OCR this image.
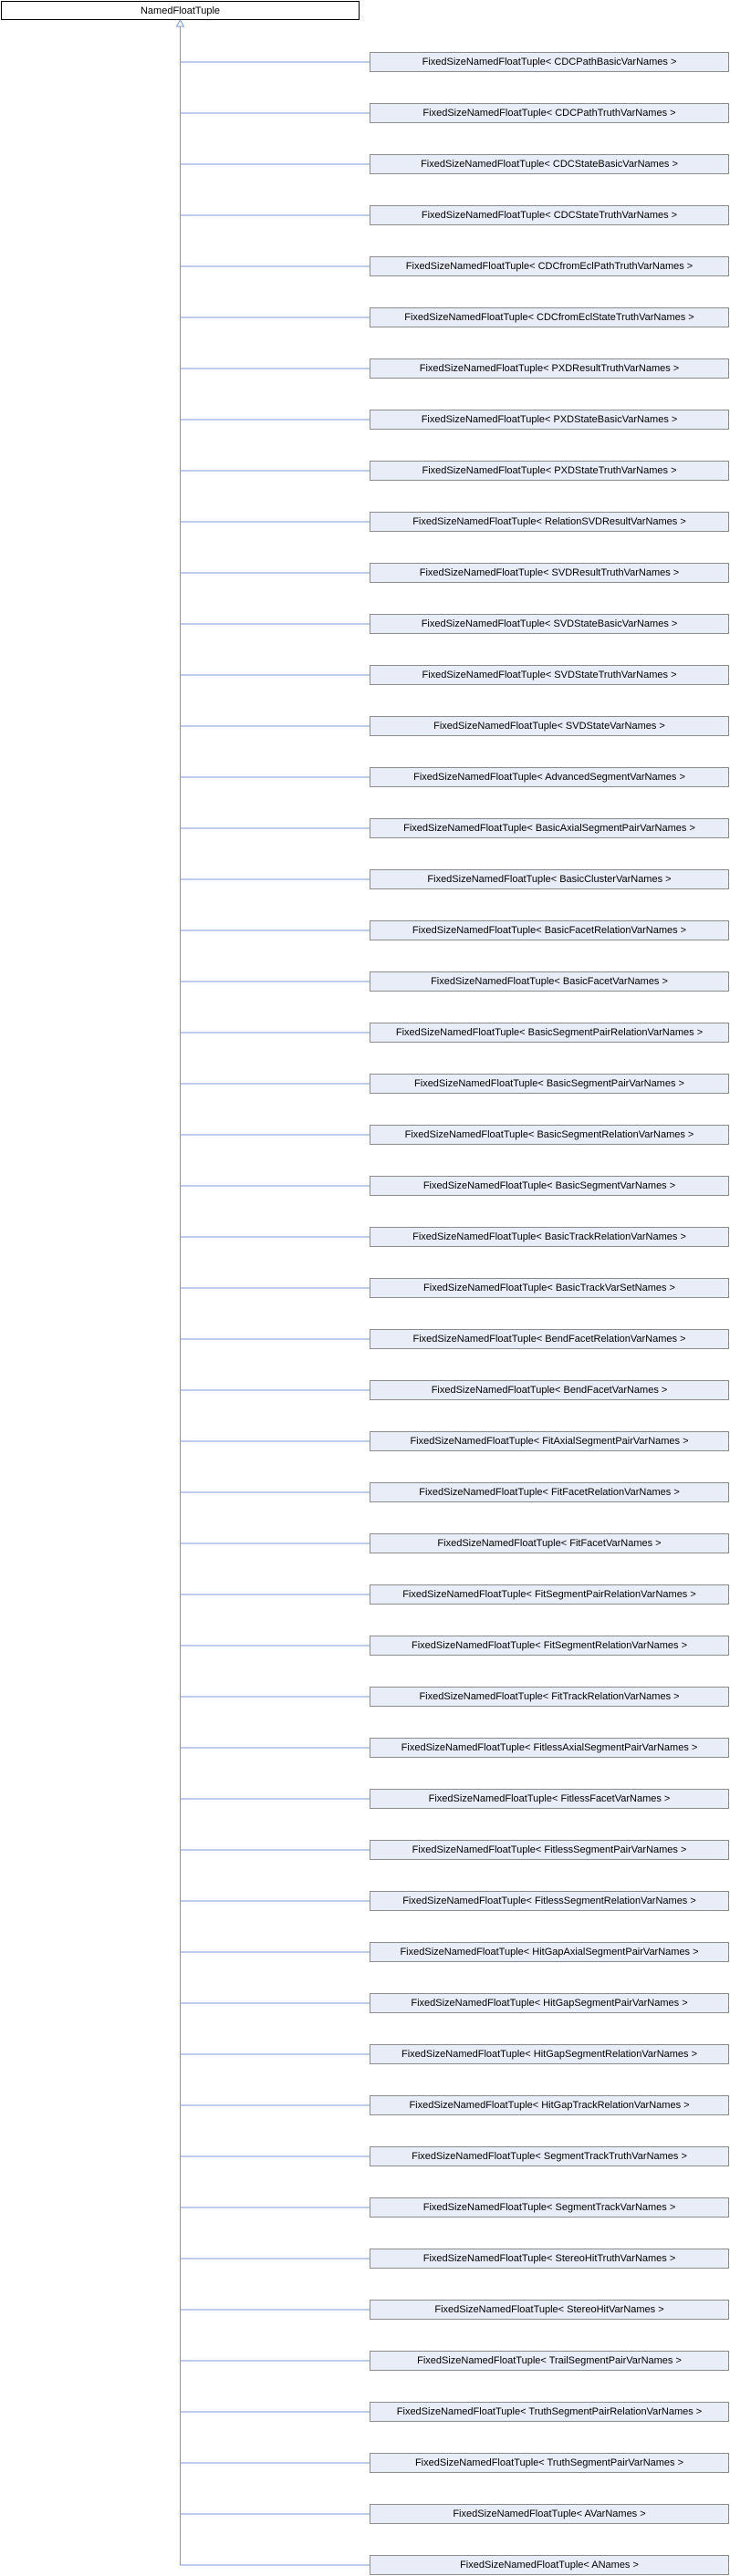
NamedFloatTuple
FixedSizeNamedFloatTuple< CDCPathBasicVarNames >
FixedSizeNamedFloatTuple< CDCPathTruthVarNames >
FixedSizeNamedFloatTuple< CDCStateBasicVarNames >
FixedSizeNamedFloatTuple< CDCStateTruthVarNames >
FixedSizeNamedFloatTuple< CDCfromEclPathTruthVarNames >
FixedSizeNamedFloatTuple< CDCfromEclStateTruthVarNames >
FixedSizeNamedFloatTuple< PXDResultTruthVarNames >
FixedSizeNamedFloatTuple< PXDStateBasicVarNames >
FixedSizeNamedFloatTuple< PXDStateTruthVarNames >
FixedSizeNamedFloatTuple< RelationSVDResultVarNames >
FixedSizeNamedFloatTuple< SVDResultTruthVarNames >
FixedSizeNamedFloatTuple< SVDStateBasicVarNames >
FixedSizeNamedFloatTuple< SVDStateTruthVarNames >
FixedSizeNamedFloatTuple< SVDStateVarNames >
FixedSizeNamedFloatTuple< AdvancedSegmentVarNames >
FixedSizeNamedFloatTuple< BasicAxialSegmentPairVarNames >
FixedSizeNamedFloatTuple< BasicClusterVarNames >
FixedSizeNamedFloatTuple< BasicFacetRelationVarNames >
FixedSizeNamedFloatTuple< BasicFacetVarNames >
FixedSizeNamedFloatTuple< BasicSegmentPairRelationVarNames >
FixedSizeNamedFloatTuple< BasicSegmentPairVarNames >
FixedSizeNamedFloatTuple< BasicSegmentRelationVarNames >
FixedSizeNamedFloatTuple< BasicSegmentVarNames >
FixedSizeNamedFloatTuple< BasicTrackRelationVarNames >
FixedSizeNamedFloatTuple< BasicTrackVarSetNames >
FixedSizeNamedFloatTuple< BendFacetRelationVarNames >
FixedSizeNamedFloatTuple< BendFacetVarNames >
FixedSizeNamedFloatTuple< FitAxialSegmentPairVarNames >
FixedSizeNamedFloatTuple< FitFacetRelationVarNames >
FixedSizeNamedFloatTuple< FitFacetVarNames >
FixedSizeNamedFloatTuple< FitSegmentPairRelationVarNames >
FixedSizeNamedFloatTuple< FitSegmentRelationVarNames >
FixedSizeNamedFloatTuple< FitTrackRelationVarNames >
FixedSizeNamedFloatTuple< FitlessAxialSegmentPairVarNames >
FixedSizeNamedFloatTuple< FitlessFacetVarNames >
FixedSizeNamedFloatTuple< FitlessSegmentPairVarNames >
FixedSizeNamedFloatTuple< FitlessSegmentRelationVarNames >
FixedSizeNamedFloatTuple< HitGapAxialSegmentPairVarNames >
FixedSizeNamedFloatTuple< HitGapSegmentPairVarNames >
FixedSizeNamedFloatTuple< HitGapSegmentRelationVarNames >
FixedSizeNamedFloatTuple< HitGapTrackRelationVarNames >
FixedSizeNamedFloatTuple< SegmentTrackTruthVarNames >
FixedSizeNamedFloatTuple< SegmentTrackVarNames >
FixedSizeNamedFloatTuple< StereoHitTruthVarNames >
FixedSizeNamedFloatTuple< StereoHitVarNames >
FixedSizeNamedFloatTuple< TrailSegmentPairVarNames >
FixedSizeNamedFloatTuple< TruthSegmentPairRelationVarNames >
FixedSizeNamedFloatTuple< TruthSegmentPairVarNames >
FixedSizeNamedFloatTuple< AVarNames >
FixedSizeNamedFloatTuple< ANames >
